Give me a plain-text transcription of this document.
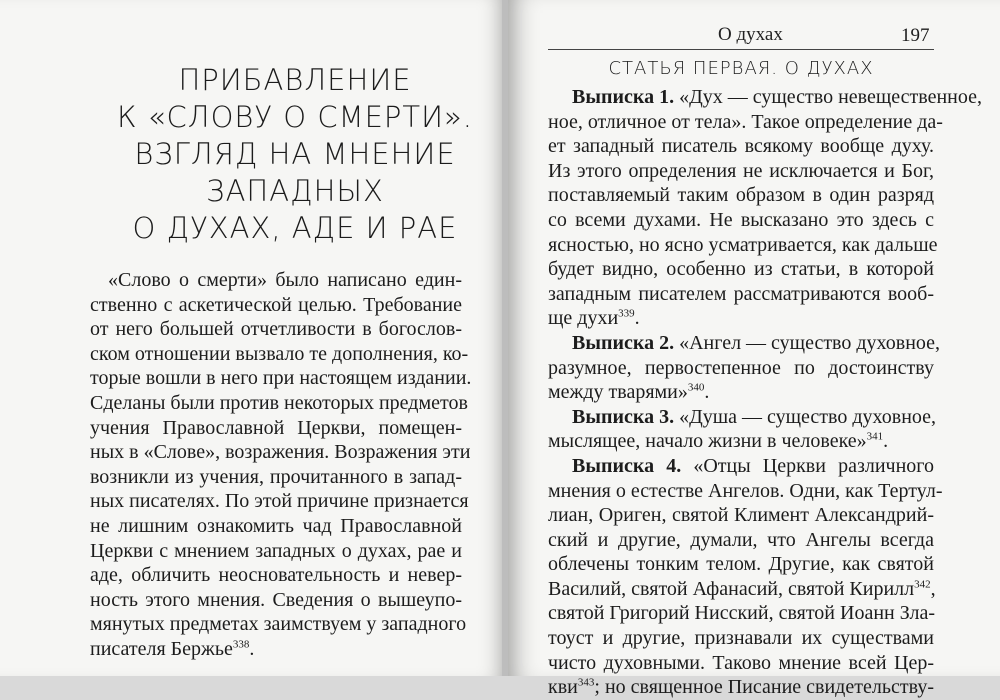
ПРИБАВЛЕНИЕ
К «СЛОВУ О СМЕРТИ».
ВЗГЛЯД НА МНЕНИЕ
ЗАПАДНЫХ
О ДУХАХ, АДЕ И РАЕ
«Слово о смерти» было написано един-
ственно с аскетической целью. Требование
от него большей отчетливости в богослов-
ском отношении вызвало те дополнения, ко-
торые вошли в него при настоящем издании.
Сделаны были против некоторых предметов
учения Православной Церкви, помещен-
ных в «Слове», возражения. Возражения эти
возникли из учения, прочитанного в запад-
ных писателях. По этой причине признается
не лишним ознакомить чад Православной
Церкви с мнением западных о духах, рае и
аде, обличить неосновательность и невер-
ность этого мнения. Сведения о вышеупо-
мянутых предметах заимствуем у западного
писателя Бержье$^{338}$.
О духах	197
СТАТЬЯ ПЕРВАЯ. О ДУХАХ
Выписка 1. «Дух — существо невещественное,
ное, отличное от тела». Такое определение да-
ет западный писатель всякому вообще духу.
Из этого определения не исключается и Бог,
поставляемый таким образом в один разряд
со всеми духами. Не высказано это здесь с
ясностью, но ясно усматривается, как дальше
будет видно, особенно из статьи, в которой
западным писателем рассматриваются вооб-
ще духи$^{339}$.
Выписка 2. «Ангел — существо духовное,
разумное, первостепенное по достоинству
между тварями»$^{340}$.
Выписка 3. «Душа — существо духовное,
мыслящее, начало жизни в человеке»$^{341}$.
Выписка 4. «Отцы Церкви различного
мнения о естестве Ангелов. Одни, как Тертул-
лиан, Ориген, святой Климент Александрий-
ский и другие, думали, что Ангелы всегда
облечены тонким телом. Другие, как святой
Василий, святой Афанасий, святой Кирилл$^{342}$,
святой Григорий Нисский, святой Иоанн Зла-
тоуст и другие, признавали их существами
чисто духовными. Таково мнение всей Цер-
кви$^{343}$; но священное Писание свидетельству-
